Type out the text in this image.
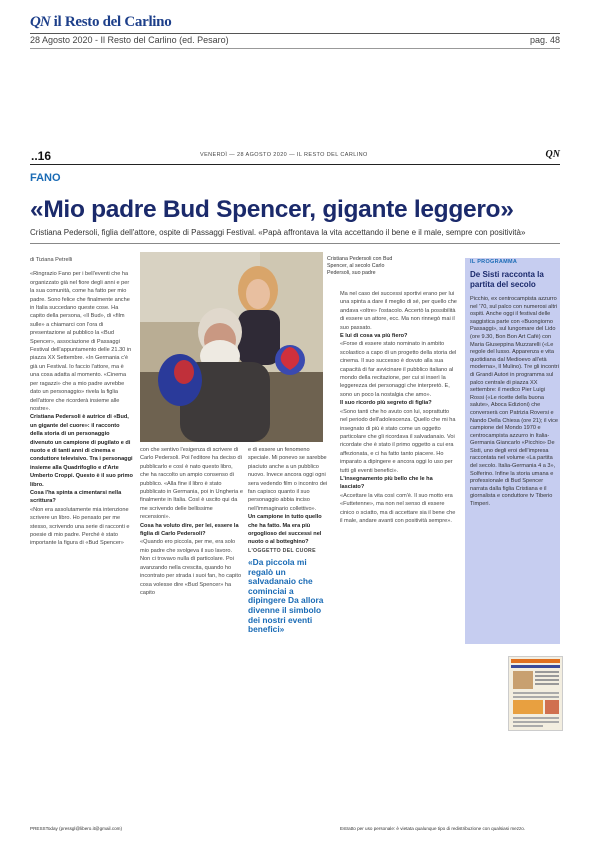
QN il Resto del Carlino
28 Agosto 2020 - Il Resto del Carlino (ed. Pesaro)	pag. 48
..16	VENERDÌ — 28 AGOSTO 2020 — IL RESTO DEL CARLINO	QN
FANO
«Mio padre Bud Spencer, gigante leggero»
Cristiana Pedersoli, figlia dell'attore, ospite di Passaggi Festival. «Papà affrontava la vita accettando il bene e il male, sempre con positività»
di Tiziana Petrelli

«Ringrazio Fano per i bell'eventi che ha organizzato già nel fiore degli anni e per la sua comunità, come ha fatto per mio padre. Sono felice che finalmente anche in Italia succedano queste cose. Ha capito della persona, «Il Bud», di «film sulle» a chiamarci con l'ora di presentazione al pubblico la «Bud Spencer», associazione di Passaggi Festival dell'appuntamento delle 21.30 in piazza XX Settembre. «In Germania c'è già un Festival. Io faccio l'attore, ma è una cosa adatta al momento. «Cinema per ragazzi» che a mio padre avrebbe dato un personaggio» rivela la figlia dell'attore che ricorderà insieme alle nostre».

Cristiana Pedersoli è autrice di «Bud, un gigante del cuore»: il racconto della storia di un personaggio divenuto un campione di pugilato e di nuoto e di tanti anni di cinema e conduttore televisivo. Tra i personaggi insieme alla Quadrifoglio e d'Arte Umberto Croppi. Questo è il suo primo libro.

Cosa l'ha spinta a cimentarsi nella scrittura?

«Non era assolutamente mia intenzione scrivere un libro. Ho pensato per me stesso, scrivendo una serie di racconti e poesie di mio padre. Perché è stato importante la figura di «Bud Spencer»

Cristiana Pedersoli con Bud Spencer, al secolo Carlo Pedersoli, suo padre

con che sentivo l'esigenza di scrivere di Carlo Pedersoli. Poi l'editore ha deciso di pubblicarlo e così è nato questo libro, che ha raccolto un ampio consenso di pubblico. «Alla fine il libro è stato pubblicato in Germania, poi in Ungheria e finalmente in Italia. Così è uscito qui da me scrivendo delle bellissime recensioni».

Cosa ha voluto dire, per lei, essere la figlia di Carlo Pedersoli?

«Quando ero piccola, per me, era solo mio padre che svolgeva il suo lavoro. Non ci trovavo nulla di particolare. Poi avanzando nella crescita, quando ho incontrato per strada i suoi fan, ho capito cosa volesse dire «Bud Spencer» ha capito

e di essere un fenomeno speciale. Mi ponevo se sarebbe piaciuto anche a un pubblico nuovo. Invece ancora oggi ogni sera vedendo film o incontro dei fan capisco quanto il suo personaggio abbia inciso nell'immaginario collettivo».

Un campione in tutto quello che ha fatto. Ma era più orgoglioso dei successi nel nuoto o al botteghino?

L'OGGETTO DEL CUORE
«Da piccola mi regalò un salvadanaio che cominciai a dipingere Da allora divenne il simbolo dei nostri eventi benefici»

Ma nel caso dei successi sportivi erano per lui una spinta a dare il meglio di sé, per quello che andava «oltre» l'ostacolo. Accertò la possibilità di essere un attore, ecc. Ma non rinnegò mai il suo passato.

E lui di cosa va più fiero?

«Forse di essere stato nominato in ambito scolastico a capo di un progetto della storia del cinema. Il suo successo è dovuto alla sua capacità di far avvicinare il pubblico italiano al mondo della recitazione, per cui si inserì la leggerezza dei personaggi che interpretò. E, sono un poco la nostalgia che amo».

Il suo ricordo più segreto di figlia?

«Sono tanti che ho avuto con lui, soprattutto nel periodo dell'adolescenza. Quello che mi ha insegnato di più è stato come un oggetto particolare che gli ricordava il salvadanaio. Voi ricordate che è stato il primo oggetto a cui era affezionata, e ci ha fatto tanto piacere. Ho imparato a dipingere e ancora oggi lo uso per tutti gli eventi benefici».

L'insegnamento più bello che le ha lasciato?

«Accettare la vita così com'è. Il suo motto era «Futtetenne», ma non nel senso di essere cinico o sciatto, ma di accettare sia il bene che il male, andare avanti con positività sempre».

IL PROGRAMMA
De Sisti racconta la partita del secolo
Picchio, ex centrocampista azzurro nel '70, sul palco con numerosi altri ospiti. Anche oggi il festival delle saggistica parte con «Buongiorno Passaggi», sul lungomare del Lido (ore 9.30, Bon Bon Art Cafè) con Maria Giuseppina Muzzarelli («Le regole del lusso. Apparenza e vita quotidiana dal Medioevo all'età moderna», Il Mulino). Tre gli incontri di Grandi Autori in programma sul palco centrale di piazza XX settembre: il medico Pier Luigi Rossi («Le ricette della buona salute», Aboca Edizioni) che converserà con Patrizia Roversi e Nando Della Chiesa (ore 21); il vice campione del Mondo 1970 e centrocampista azzurro in Italia-Germania Giancarlo «Picchio» De Sisti, uno degli eroi dell'impresa raccontata nel volume «La partita del secolo. Italia-Germania 4 a 3», Solferino. Infine la storia umana e professionale di Bud Spencer narrata dalla figlia Cristiana e il giornalista e conduttore tv Tiberio Timperi.
PRESSToday (pressgl@libero.it@gmail.com)	Estratto per uso personale: è vietata qualunque tipo di redistribuzione con qualsiasi mezzo.
